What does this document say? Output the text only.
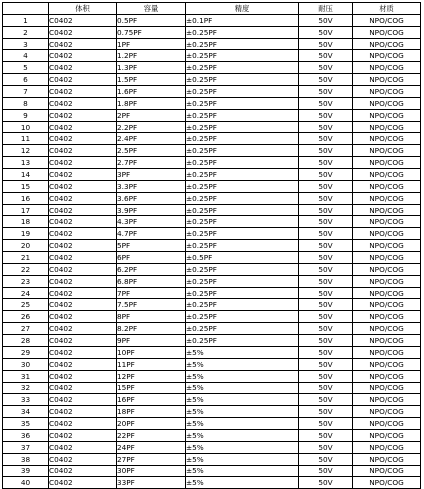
	体积	容量	精度	耐压	材质
1	C0402	0.5PF	±0.1PF	50V	NPO/COG
2	C0402	0.75PF	±0.25PF	50V	NPO/COG
3	C0402	1PF	±0.25PF	50V	NPO/COG
4	C0402	1.2PF	±0.25PF	50V	NPO/COG
5	C0402	1.3PF	±0.25PF	50V	NPO/COG
6	C0402	1.5PF	±0.25PF	50V	NPO/COG
7	C0402	1.6PF	±0.25PF	50V	NPO/COG
8	C0402	1.8PF	±0.25PF	50V	NPO/COG
9	C0402	2PF	±0.25PF	50V	NPO/COG
10	C0402	2.2PF	±0.25PF	50V	NPO/COG
11	C0402	2.4PF	±0.25PF	50V	NPO/COG
12	C0402	2.5PF	±0.25PF	50V	NPO/COG
13	C0402	2.7PF	±0.25PF	50V	NPO/COG
14	C0402	3PF	±0.25PF	50V	NPO/COG
15	C0402	3.3PF	±0.25PF	50V	NPO/COG
16	C0402	3.6PF	±0.25PF	50V	NPO/COG
17	C0402	3.9PF	±0.25PF	50V	NPO/COG
18	C0402	4.3PF	±0.25PF	50V	NPO/COG
19	C0402	4.7PF	±0.25PF	50V	NPO/COG
20	C0402	5PF	±0.25PF	50V	NPO/COG
21	C0402	6PF	±0.5PF	50V	NPO/COG
22	C0402	6.2PF	±0.25PF	50V	NPO/COG
23	C0402	6.8PF	±0.25PF	50V	NPO/COG
24	C0402	7PF	±0.25PF	50V	NPO/COG
25	C0402	7.5PF	±0.25PF	50V	NPO/COG
26	C0402	8PF	±0.25PF	50V	NPO/COG
27	C0402	8.2PF	±0.25PF	50V	NPO/COG
28	C0402	9PF	±0.25PF	50V	NPO/COG
29	C0402	10PF	±5%	50V	NPO/COG
30	C0402	11PF	±5%	50V	NPO/COG
31	C0402	12PF	±5%	50V	NPO/COG
32	C0402	15PF	±5%	50V	NPO/COG
33	C0402	16PF	±5%	50V	NPO/COG
34	C0402	18PF	±5%	50V	NPO/COG
35	C0402	20PF	±5%	50V	NPO/COG
36	C0402	22PF	±5%	50V	NPO/COG
37	C0402	24PF	±5%	50V	NPO/COG
38	C0402	27PF	±5%	50V	NPO/COG
39	C0402	30PF	±5%	50V	NPO/COG
40	C0402	33PF	±5%	50V	NPO/COG
